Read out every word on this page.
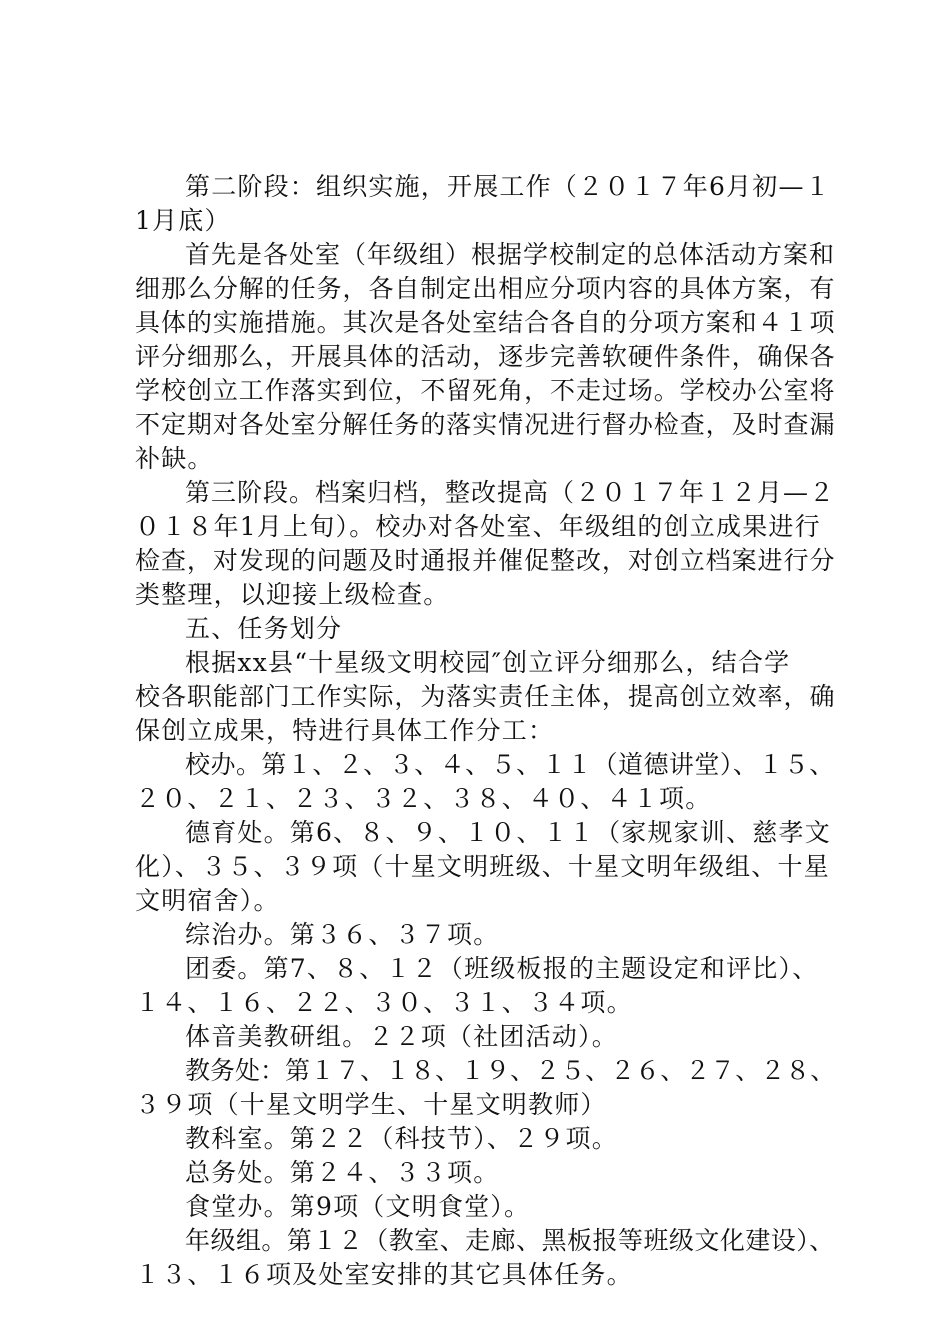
第二阶段：组织实施，开展工作（２０１７年6月初—１
1月底）
首先是各处室（年级组）根据学校制定的总体活动方案和
细那么分解的任务，各自制定出相应分项内容的具体方案，有
具体的实施措施。其次是各处室结合各自的分项方案和４１项
评分细那么，开展具体的活动，逐步完善软硬件条件，确保各
学校创立工作落实到位，不留死角，不走过场。学校办公室将
不定期对各处室分解任务的落实情况进行督办检查，及时查漏
补缺。
第三阶段。档案归档，整改提高（２０１７年１２月—２
０１８年1月上旬）。校办对各处室、年级组的创立成果进行
检查，对发现的问题及时通报并催促整改，对创立档案进行分
类整理，以迎接上级检查。
五、任务划分
根据xx县“十星级文明校园″创立评分细那么，结合学
校各职能部门工作实际，为落实责任主体，提高创立效率，确
保创立成果，特进行具体工作分工：
校办。第１、２、３、４、５、１１（道德讲堂）、１５、
２０、２１、２３、３２、３８、４０、４１项。
德育处。第6、８、９、１０、１１（家规家训、慈孝文
化）、３５、３９项（十星文明班级、十星文明年级组、十星
文明宿舍）。
综治办。第３６、３７项。
团委。第7、８、１２（班级板报的主题设定和评比）、
１４、１６、２２、３０、３１、３４项。
体音美教研组。２２项（社团活动）。
教务处：第１７、１８、１９、２５、２６、２７、２８、
３９项（十星文明学生、十星文明教师）
教科室。第２２（科技节）、２９项。
总务处。第２４、３３项。
食堂办。第9项（文明食堂）。
年级组。第１２（教室、走廊、黑板报等班级文化建设）、
１３、１６项及处室安排的其它具体任务。
